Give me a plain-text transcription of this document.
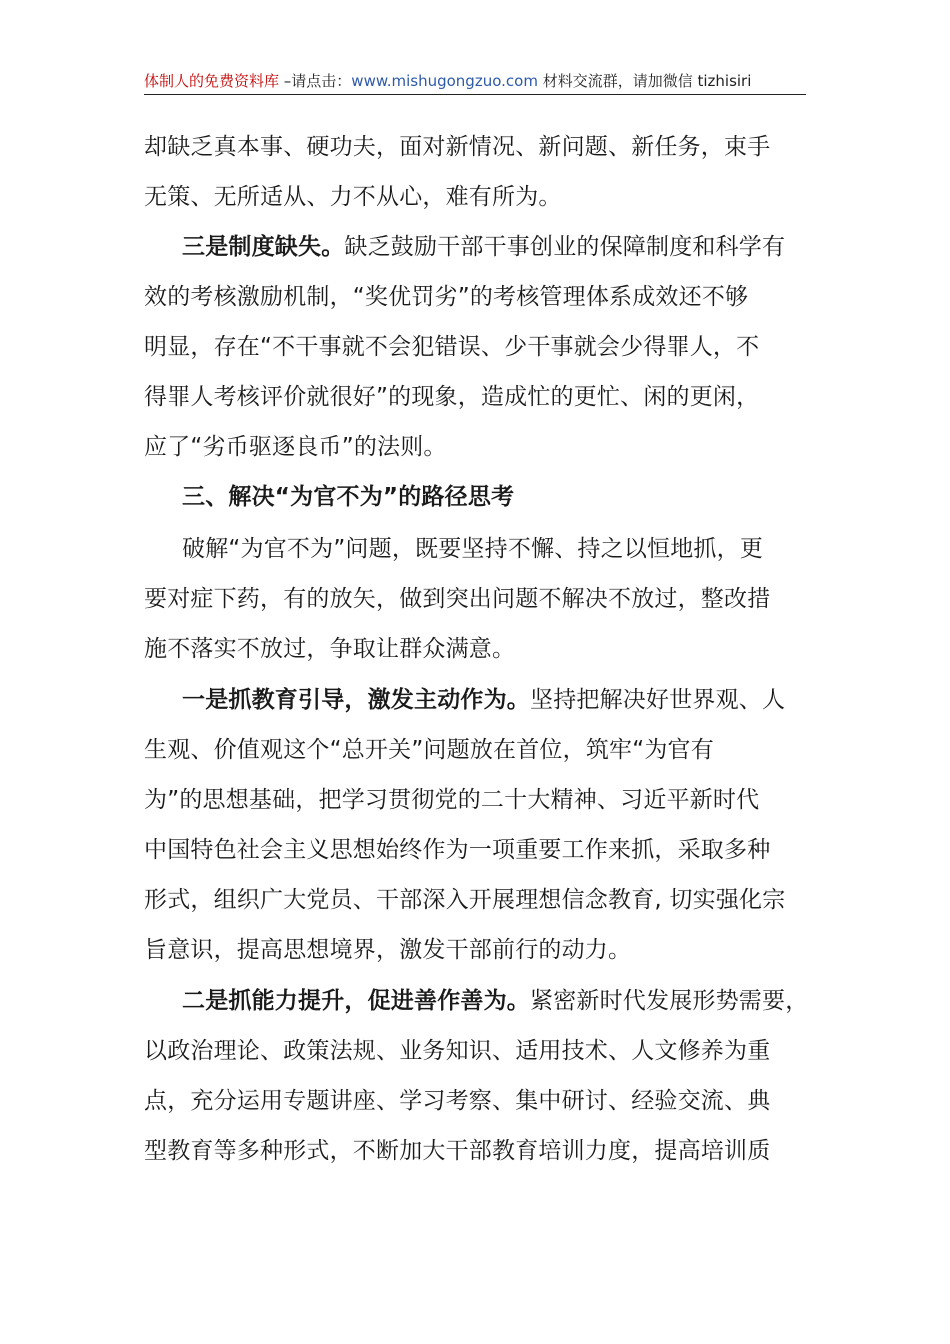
体制人的免费资料库 –请点击：www.mishugongzuo.com 材料交流群，请加微信 tizhisiri
却缺乏真本事、硬功夫，面对新情况、新问题、新任务，束手
无策、无所适从、力不从心，难有所为。
三是制度缺失。缺乏鼓励干部干事创业的保障制度和科学有
效的考核激励机制，“奖优罚劣”的考核管理体系成效还不够
明显，存在“不干事就不会犯错误、少干事就会少得罪人，不
得罪人考核评价就很好”的现象，造成忙的更忙、闲的更闲，
应了“劣币驱逐良币”的法则。
三、解决“为官不为”的路径思考
破解“为官不为”问题，既要坚持不懈、持之以恒地抓，更
要对症下药，有的放矢，做到突出问题不解决不放过，整改措
施不落实不放过，争取让群众满意。
一是抓教育引导，激发主动作为。坚持把解决好世界观、人
生观、价值观这个“总开关”问题放在首位，筑牢“为官有
为”的思想基础，把学习贯彻党的二十大精神、习近平新时代
中国特色社会主义思想始终作为一项重要工作来抓，采取多种
形式，组织广大党员、干部深入开展理想信念教育, 切实强化宗
旨意识，提高思想境界，激发干部前行的动力。
二是抓能力提升，促进善作善为。紧密新时代发展形势需要，
以政治理论、政策法规、业务知识、适用技术、人文修养为重
点，充分运用专题讲座、学习考察、集中研讨、经验交流、典
型教育等多种形式，不断加大干部教育培训力度，提高培训质
